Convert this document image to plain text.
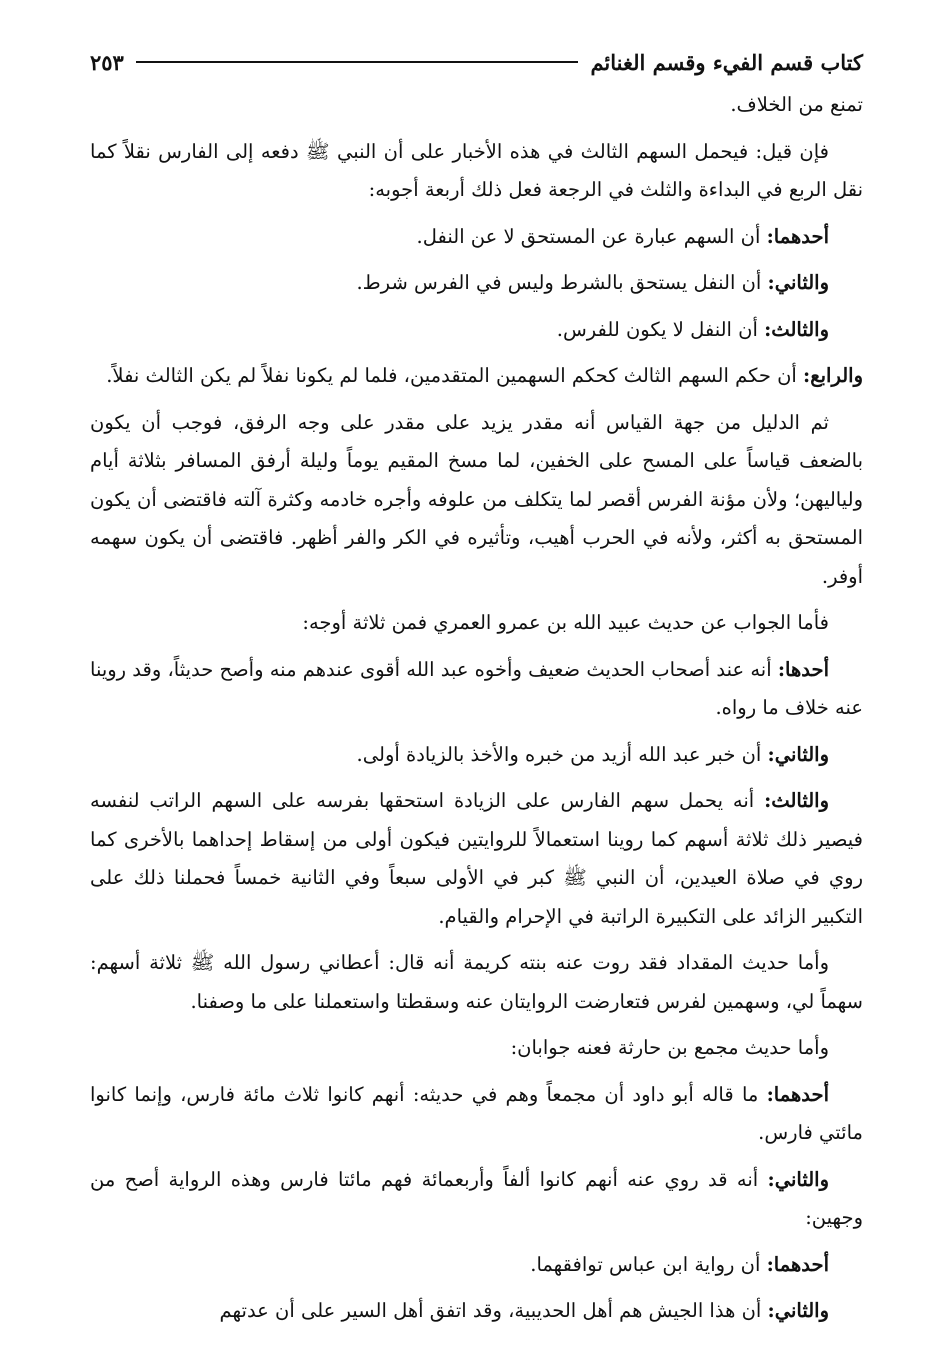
كتاب قسم الفيء وقسم الغنائم
٢٥٣

تمنع من الخلاف.

فإن قيل: فيحمل السهم الثالث في هذه الأخبار على أن النبي ﷺ دفعه إلى الفارس نقلاً كما نقل الربع في البداءة والثلث في الرجعة فعل ذلك أربعة أجوبه:

أحدهما: أن السهم عبارة عن المستحق لا عن النفل.

والثاني: أن النفل يستحق بالشرط وليس في الفرس شرط.

والثالث: أن النفل لا يكون للفرس.

والرابع: أن حكم السهم الثالث كحكم السهمين المتقدمين، فلما لم يكونا نفلاً لم يكن الثالث نفلاً.

ثم الدليل من جهة القياس أنه مقدر يزيد على مقدر على وجه الرفق، فوجب أن يكون بالضعف قياساً على المسح على الخفين، لما مسخ المقيم يوماً وليلة أرفق المسافر بثلاثة أيام ولياليهن؛ ولأن مؤنة الفرس أقصر لما يتكلف من علوفه وأجره خادمه وكثرة آلته فاقتضى أن يكون المستحق به أكثر، ولأنه في الحرب أهيب، وتأثيره في الكر والفر أظهر. فاقتضى أن يكون سهمه أوفر.

فأما الجواب عن حديث عبيد الله بن عمرو العمري فمن ثلاثة أوجه:

أحدها: أنه عند أصحاب الحديث ضعيف وأخوه عبد الله أقوى عندهم منه وأصح حديثاً، وقد روينا عنه خلاف ما رواه.

والثاني: أن خبر عبد الله أزيد من خبره والأخذ بالزيادة أولى.

والثالث: أنه يحمل سهم الفارس على الزيادة استحقها بفرسه على السهم الراتب لنفسه فيصير ذلك ثلاثة أسهم كما روينا استعمالاً للروايتين فيكون أولى من إسقاط إحداهما بالأخرى كما روي في صلاة العيدين، أن النبي ﷺ كبر في الأولى سبعاً وفي الثانية خمساً فحملنا ذلك على التكبير الزائد على التكبيرة الراتبة في الإحرام والقيام.

وأما حديث المقداد فقد روت عنه بنته كريمة أنه قال: أعطاني رسول الله ﷺ ثلاثة أسهم: سهماً لي، وسهمين لفرس فتعارضت الروايتان عنه وسقطتا واستعملنا على ما وصفنا.

وأما حديث مجمع بن حارثة فعنه جوابان:

أحدهما: ما قاله أبو داود أن مجمعاً وهم في حديثه: أنهم كانوا ثلاث مائة فارس، وإنما كانوا مائتي فارس.

والثاني: أنه قد روي عنه أنهم كانوا ألفاً وأربعمائة فهم مائتا فارس وهذه الرواية أصح من وجهين:

أحدهما: أن رواية ابن عباس توافقهما.

والثاني: أن هذا الجيش هم أهل الحديبية، وقد اتفق أهل السير على أن عدتهم
